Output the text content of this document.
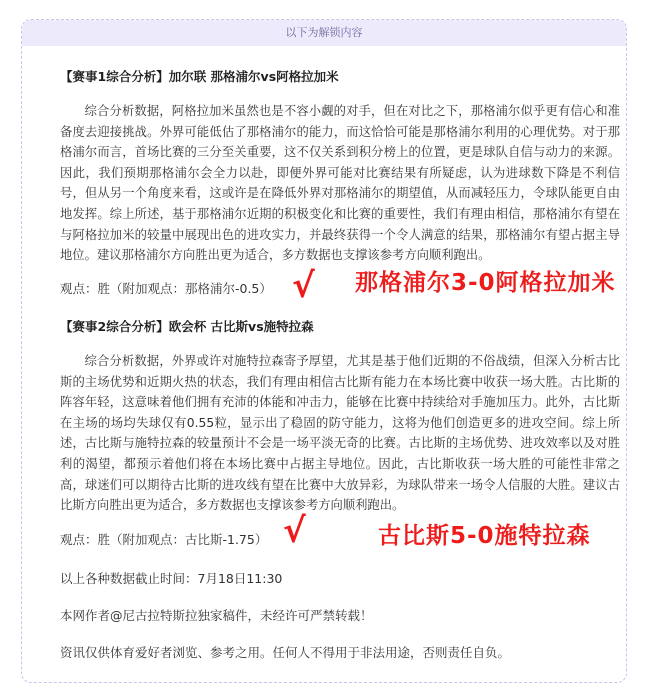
以下为解锁内容
【赛事1综合分析】加尔联 那格浦尔vs阿格拉加米
综合分析数据，阿格拉加米虽然也是不容小觑的对手，但在对比之下，那格浦尔似乎更有信心和准备度去迎接挑战。外界可能低估了那格浦尔的能力，而这恰恰可能是那格浦尔利用的心理优势。对于那格浦尔而言，首场比赛的三分至关重要，这不仅关系到积分榜上的位置，更是球队自信与动力的来源。因此，我们预期那格浦尔会全力以赴，即便外界可能对比赛结果有所疑虑，认为进球数下降是不利信号，但从另一个角度来看，这或许是在降低外界对那格浦尔的期望值，从而减轻压力，令球队能更自由地发挥。综上所述，基于那格浦尔近期的积极变化和比赛的重要性，我们有理由相信，那格浦尔有望在与阿格拉加米的较量中展现出色的进攻实力，并最终获得一个令人满意的结果，那格浦尔有望占据主导地位。建议那格浦尔方向胜出更为适合，多方数据也支撑该参考方向顺利跑出。
观点：胜（附加观点：那格浦尔-0.5） √ 那格浦尔3-0阿格拉加米
【赛事2综合分析】欧会杯 古比斯vs施特拉森
综合分析数据，外界或许对施特拉森寄予厚望，尤其是基于他们近期的不俗战绩，但深入分析古比斯的主场优势和近期火热的状态，我们有理由相信古比斯有能力在本场比赛中收获一场大胜。古比斯的阵容年轻，这意味着他们拥有充沛的体能和冲击力，能够在比赛中持续给对手施加压力。此外，古比斯在主场的场均失球仅有0.55粒，显示出了稳固的防守能力，这将为他们创造更多的进攻空间。综上所述，古比斯与施特拉森的较量预计不会是一场平淡无奇的比赛。古比斯的主场优势、进攻效率以及对胜利的渴望，都预示着他们将在本场比赛中占据主导地位。因此，古比斯收获一场大胜的可能性非常之高，球迷们可以期待古比斯的进攻线有望在比赛中大放异彩，为球队带来一场令人信服的大胜。建议古比斯方向胜出更为适合，多方数据也支撑该参考方向顺利跑出。
观点：胜（附加观点：古比斯-1.75） √	古比斯5-0施特拉森
以上各种数据截止时间：7月18日11:30
本网作者@尼古拉特斯拉独家稿件，未经许可严禁转载！
资讯仅供体育爱好者浏览、参考之用。任何人不得用于非法用途，否则责任自负。
